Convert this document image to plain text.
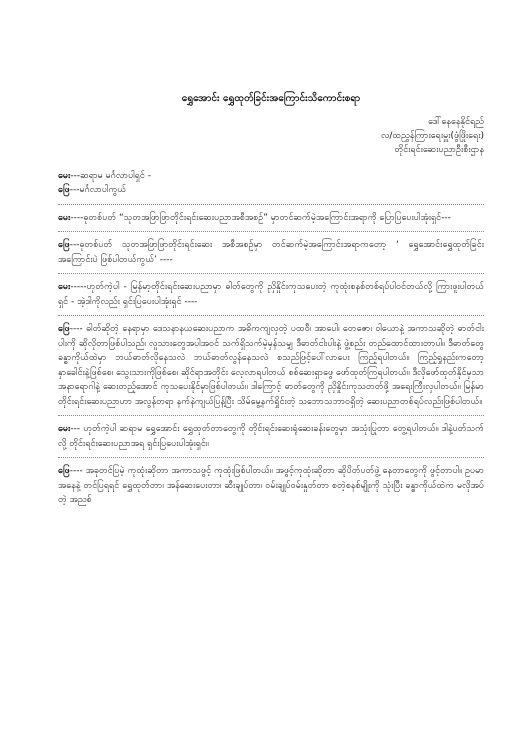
ရွှေအောင်း ရွှေထုတ်ခြင်းအကြောင်းသိကောင်းစရာ
ဒေါ်နေနေနိုင်ရည်
လ/ထညွှန်ကြားရေးမှူး(ဖွံဖြိုးရေး)
တိုင်းရင်းဆေးပညာဦးစီးဌာန
မေး---ဆရာမ မင်္ဂလာပါရှင် -
ဖြေ---မင်္ဂလာပါကွယ်
မေး----ဓုတစ်ပတ် “သုတအဖြာဖြာတိုင်းရင်းဆေးပညာအစီအစဉ်” မှာတင်ဆက်မဲ့အကြောင်းအရာကို ပြောပြပေးပါအုံးရှင်---
ဖြေ---ဓုတစ်ပတ် သုတအဖြာဖြာတိုင်းရင်းဆေး အစီအစဉ်မှာ တင်ဆက်မဲ့အကြောင်းအရာကတော့ ‘ ရွှေအောင်းရွှေထုတ်ခြင်းအကြောင်းပဲ ဖြစ်ပါတယ်ကွယ်’ ----
မေး-----ဟုတ်ကဲ့ပါ - မြန်မာ့တိုင်းရင်းဆေးပညာမှာ ဓါတ်တွေကို ညှိနှိုင်းကုသပေးတဲ့ ကုထုံးစနစ်တစ်ရပ်ပါဝင်တယ်လို့ ကြားဖူးပါတယ်ရှင် - အဲ့ဒါကိုလည်း ရှင်းပြပေးပါအုံးရှင် ----
ဖြေ---- ဓါတ်ဆိုတဲ့ နေရာမှာ ဒေသနာနယဆေးပညာက အဓိကကျလှတဲ့ ပထဝီ၊ အာပေါ၊ တေဇော၊ ဝါယောနဲ့ အကာသဆိုတဲ့ ဓာတ်ငါးပါးကို ဆိုလိုတာဖြစ်ပါသည်၊ လူသားတွေအပါအဝင် သက်ရှိသက်မဲ့မှန်သမျှ ဒီဓာတ်ငါးပါးနဲ့ ဖွဲ့စည်း တည်ထောင်ထားတာပါ။ ဒီဓာတ်တွေ ခန္ဓာကိုယ်ထဲမှာ ဘယ်ဓာတ်လိုနေသလဲ ဘယ်ဓာတ်လွန်နေသလဲ စသည်ဖြင့်ပေါ်လာပေး ကြည့်ရပါတယ်။ ကြည့်ရှုနည်းကတော့ နှာခေါင်းနဲ့ဖြစ်စေ၊ သွေးသားကိုဖြစ်စေ၊ ဆိုင်ရာအတိုင်း လေ့လာရပါတယ် စစ်ဆေးရှာဖွေ ဖော်ထုတ်ကြရပါတယ်။ ဒီလိုဖော်ထုတ်နိုင်မှသာ အနာရောဂါနဲ့ ဆေးတည့်အောင် ကုသပေးနိုင်မှာဖြစ်ပါတယ်။ ဒါကြောင့် ဓာတ်တွေကို ညှိနှိုင်းကုသတတ်ဖို့ အရေးကြီးလှပါတယ်။ မြန်မာတိုင်းရင်းဆေးပညာဟာ အလွန်တရာ နက်နဲကျယ်ပြန့်ပြီး သိမ်မွေ့နက်ရှိုင်းတဲ့ သဘောသဘာဝရှိတဲ့ ဆေးပညာတစ်ရပ်လည်းဖြစ်ပါတယ်။
မေး--- ဟုတ်ကဲ့ပါ ဆရာမ ရွှေအောင်း ရွှေထုတ်တာတွေကို တိုင်းရင်းဆေးရုံဆေးခန်းတွေမှာ အသုံးပြုတာ တွေ့ရပါတယ်။ ဒါနဲ့ပတ်သက်လို့ တိုင်းရင်းဆေးပညာအရ ရှင်းပြပေးပါအုံးရှင်။
ဖြေ---- အခုတင်ပြမဲ့ ကုထုံးဆိုတာ အကာသဖွင့် ကုထုံးဖြစ်ပါတယ်။ အဖွင့်ကုထုံးဆိုတာ ဆိုပိတ်ပတ်ဖွဲ့ နေတာတွေကို ဖွင့်တာပါ။ ဥပမာ အနေနဲ့ တင်ပြရရင် ရွှေထုတ်တာ၊ အန်ဆေးပေးတာ၊ ဆီးချုပ်တာ၊ ဝမ်းချုပ်ဝမ်းနှုတ်တာ စတဲ့စနစ်မျိုးကို သုံးပြီး ခန္ဓာကိုယ်ထဲက မလိုအပ်တဲ့ အညစ်
